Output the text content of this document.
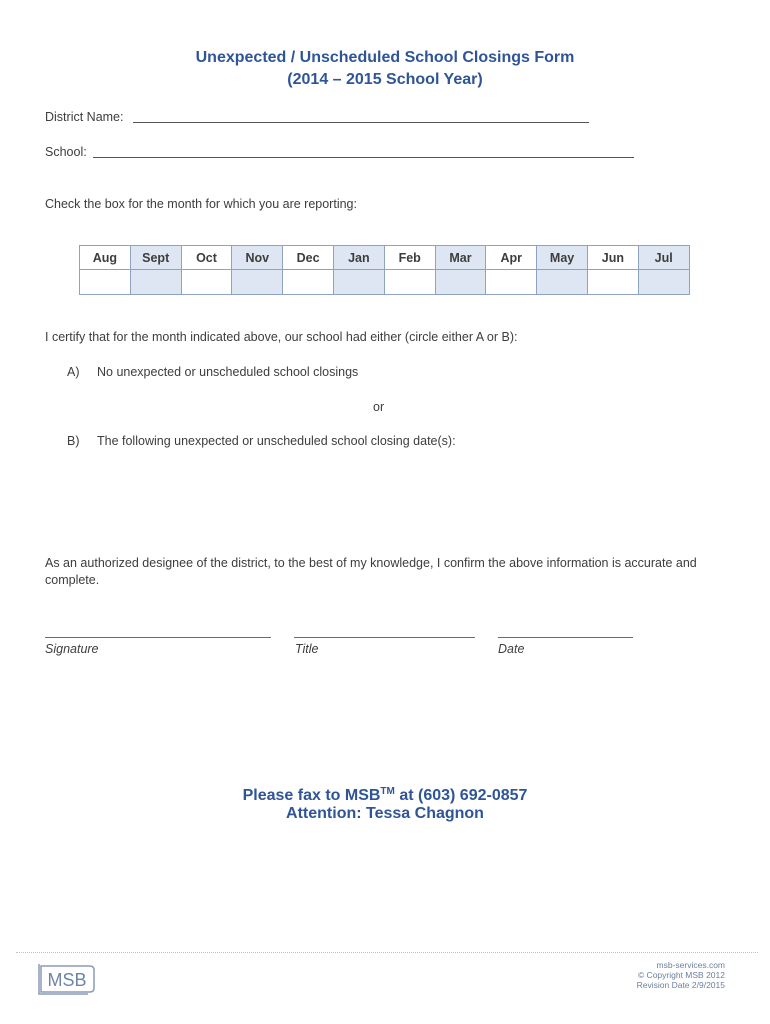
Unexpected / Unscheduled School Closings Form
(2014 – 2015 School Year)
District Name:
School:
Check the box for the month for which you are reporting:
Aug	Sept	Oct	Nov	Dec	Jan	Feb	Mar	Apr	May	Jun	Jul

I certify that for the month indicated above, our school had either (circle either A or B):
A) No unexpected or unscheduled school closings
or
B) The following unexpected or unscheduled school closing date(s):
As an authorized designee of the district, to the best of my knowledge, I confirm the above information is accurate and
complete.
Signature	Title	Date
Please fax to MSB™ at (603) 692-0857
Attention: Tessa Chagnon
MSB
msb-services.com
© Copyright MSB 2012
Revision Date 2/9/2015
